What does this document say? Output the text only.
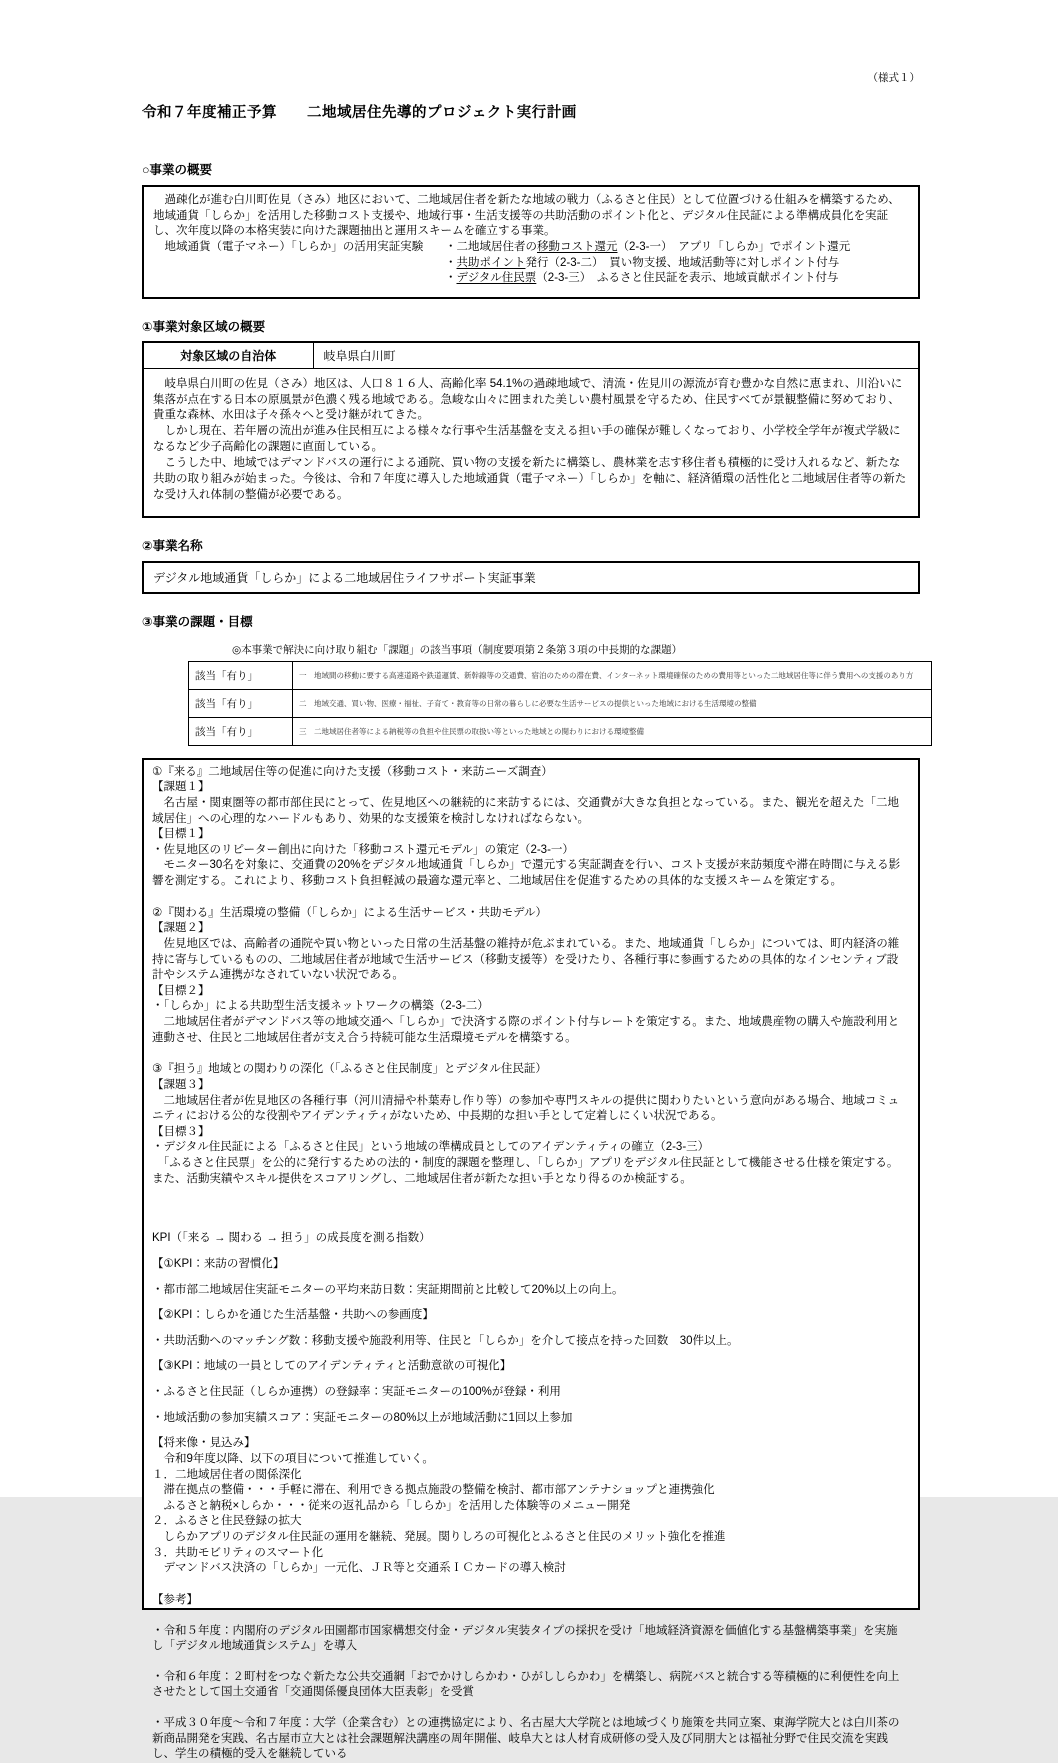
（様式１）
令和７年度補正予算　　二地域居住先導的プロジェクト実行計画
○事業の概要
　過疎化が進む白川町佐見（さみ）地区において、二地域居住者を新たな地域の戦力（ふるさと住民）として位置づける仕組みを構築するため、地域通貨「しらか」を活用した移動コスト支援や、地域行事・生活支援等の共助活動のポイント化と、デジタル住民証による準構成員化を実証し、次年度以降の本格実装に向けた課題抽出と運用スキームを確立する事業。
　地域通貨（電子マネー）「しらか」の活用実証実験	・二地域居住者の移動コスト還元（2-3-一）　アプリ「しらか」でポイント還元
・共助ポイント発行（2-3-二）　買い物支援、地域活動等に対しポイント付与
・デジタル住民票（2-3-三）　ふるさと住民証を表示、地域貢献ポイント付与
①事業対象区域の概要
対象区域の自治体	岐阜県白川町

　岐阜県白川町の佐見（さみ）地区は、人口８１６人、高齢化率 54.1%の過疎地域で、清流・佐見川の源流が育む豊かな自然に恵まれ、川沿いに集落が点在する日本の原風景が色濃く残る地域である。急峻な山々に囲まれた美しい農村風景を守るため、住民すべてが景観整備に努めており、貴重な森林、水田は子々孫々へと受け継がれてきた。

　しかし現在、若年層の流出が進み住民相互による様々な行事や生活基盤を支える担い手の確保が難しくなっており、小学校全学年が複式学級になるなど少子高齢化の課題に直面している。

　こうした中、地域ではデマンドバスの運行による通院、買い物の支援を新たに構築し、農林業を志す移住者も積極的に受け入れるなど、新たな共助の取り組みが始まった。今後は、令和７年度に導入した地域通貨（電子マネー）「しらか」を軸に、経済循環の活性化と二地域居住者等の新たな受け入れ体制の整備が必要である。

②事業名称
デジタル地域通貨「しらか」による二地域居住ライフサポート実証事業
③事業の課題・目標
◎本事業で解決に向け取り組む「課題」の該当事項（制度要項第２条第３項の中長期的な課題）
該当「有り」	一　地域間の移動に要する高速道路や鉄道運賃、新幹線等の交通費、宿泊のための滞在費、インターネット環境確保のための費用等といった二地域居住等に伴う費用への支援のあり方
該当「有り」	二　地域交通、買い物、医療・福祉、子育て・教育等の日常の暮らしに必要な生活サービスの提供といった地域における生活環境の整備
該当「有り」	三　二地域居住者等による納税等の負担や住民票の取扱い等といった地域との関わりにおける環境整備
①『来る』二地域居住等の促進に向けた支援（移動コスト・来訪ニーズ調査）
【課題１】
　名古屋・関東圏等の都市部住民にとって、佐見地区への継続的に来訪するには、交通費が大きな負担となっている。また、観光を超えた「二地域居住」への心理的なハードルもあり、効果的な支援策を検討しなければならない。
【目標１】
・佐見地区のリピーター創出に向けた「移動コスト還元モデル」の策定（2-3-一）
　モニター30名を対象に、交通費の20%をデジタル地域通貨「しらか」で還元する実証調査を行い、コスト支援が来訪頻度や滞在時間に与える影響を測定する。これにより、移動コスト負担軽減の最適な還元率と、二地域居住を促進するための具体的な支援スキームを策定する。
②『関わる』生活環境の整備（「しらか」による生活サービス・共助モデル）
【課題２】
　佐見地区では、高齢者の通院や買い物といった日常の生活基盤の維持が危ぶまれている。また、地域通貨「しらか」については、町内経済の維持に寄与しているものの、二地域居住者が地域で生活サービス（移動支援等）を受けたり、各種行事に参画するための具体的なインセンティブ設計やシステム連携がなされていない状況である。
【目標２】
・「しらか」による共助型生活支援ネットワークの構築（2-3-二）
　二地域居住者がデマンドバス等の地域交通へ「しらか」で決済する際のポイント付与レートを策定する。また、地域農産物の購入や施設利用と連動させ、住民と二地域居住者が支え合う持続可能な生活環境モデルを構築する。
③『担う』地域との関わりの深化（「ふるさと住民制度」とデジタル住民証）
【課題３】
　二地域居住者が佐見地区の各種行事（河川清掃や朴葉寿し作り等）の参加や専門スキルの提供に関わりたいという意向がある場合、地域コミュニティにおける公的な役割やアイデンティティがないため、中長期的な担い手として定着しにくい状況である。
【目標３】
・デジタル住民証による「ふるさと住民」という地域の準構成員としてのアイデンティティの確立（2-3-三）
　「ふるさと住民票」を公的に発行するための法的・制度的課題を整理し、「しらか」アプリをデジタル住民証として機能させる仕様を策定する。また、活動実績やスキル提供をスコアリングし、二地域居住者が新たな担い手となり得るのか検証する。
KPI（「来る → 関わる → 担う」の成長度を測る指数）
【①KPI：来訪の習慣化】
・都市部二地域居住実証モニターの平均来訪日数：実証期間前と比較して20%以上の向上。
【②KPI：しらかを通じた生活基盤・共助への参画度】
・共助活動へのマッチング数：移動支援や施設利用等、住民と「しらか」を介して接点を持った回数　30件以上。
【③KPI：地域の一員としてのアイデンティティと活動意欲の可視化】
・ふるさと住民証（しらか連携）の登録率：実証モニターの100%が登録・利用
・地域活動の参加実績スコア：実証モニターの80%以上が地域活動に1回以上参加
【将来像・見込み】
　令和9年度以降、以下の項目について推進していく。
１．二地域居住者の関係深化
　滞在拠点の整備・・・手軽に滞在、利用できる拠点施設の整備を検討、都市部アンテナショップと連携強化
　ふるさと納税×しらか・・・従来の返礼品から「しらか」を活用した体験等のメニュー開発
２．ふるさと住民登録の拡大
　しらかアプリのデジタル住民証の運用を継続、発展。関りしろの可視化とふるさと住民のメリット強化を推進
３．共助モビリティのスマート化
　デマンドバス決済の「しらか」一元化、ＪＲ等と交通系ＩＣカードの導入検討
【参考】
・令和５年度：内閣府のデジタル田園都市国家構想交付金・デジタル実装タイプの採択を受け「地域経済資源を価値化する基盤構築事業」を実施し「デジタル地域通貨システム」を導入
・令和６年度：２町村をつなぐ新たな公共交通網「おでかけしらかわ・ひがししらかわ」を構築し、病院バスと統合する等積極的に利便性を向上させたとして国土交通省「交通関係優良団体大臣表彰」を受賞
・平成３０年度～令和７年度：大学（企業含む）との連携協定により、名古屋大大学院とは地域づくり施策を共同立案、東海学院大とは白川茶の新商品開発を実践、名古屋市立大とは社会課題解決講座の周年開催、岐阜大とは人材育成研修の受入及び同朋大とは福祉分野で住民交流を実践し、学生の積極的受入を継続している
